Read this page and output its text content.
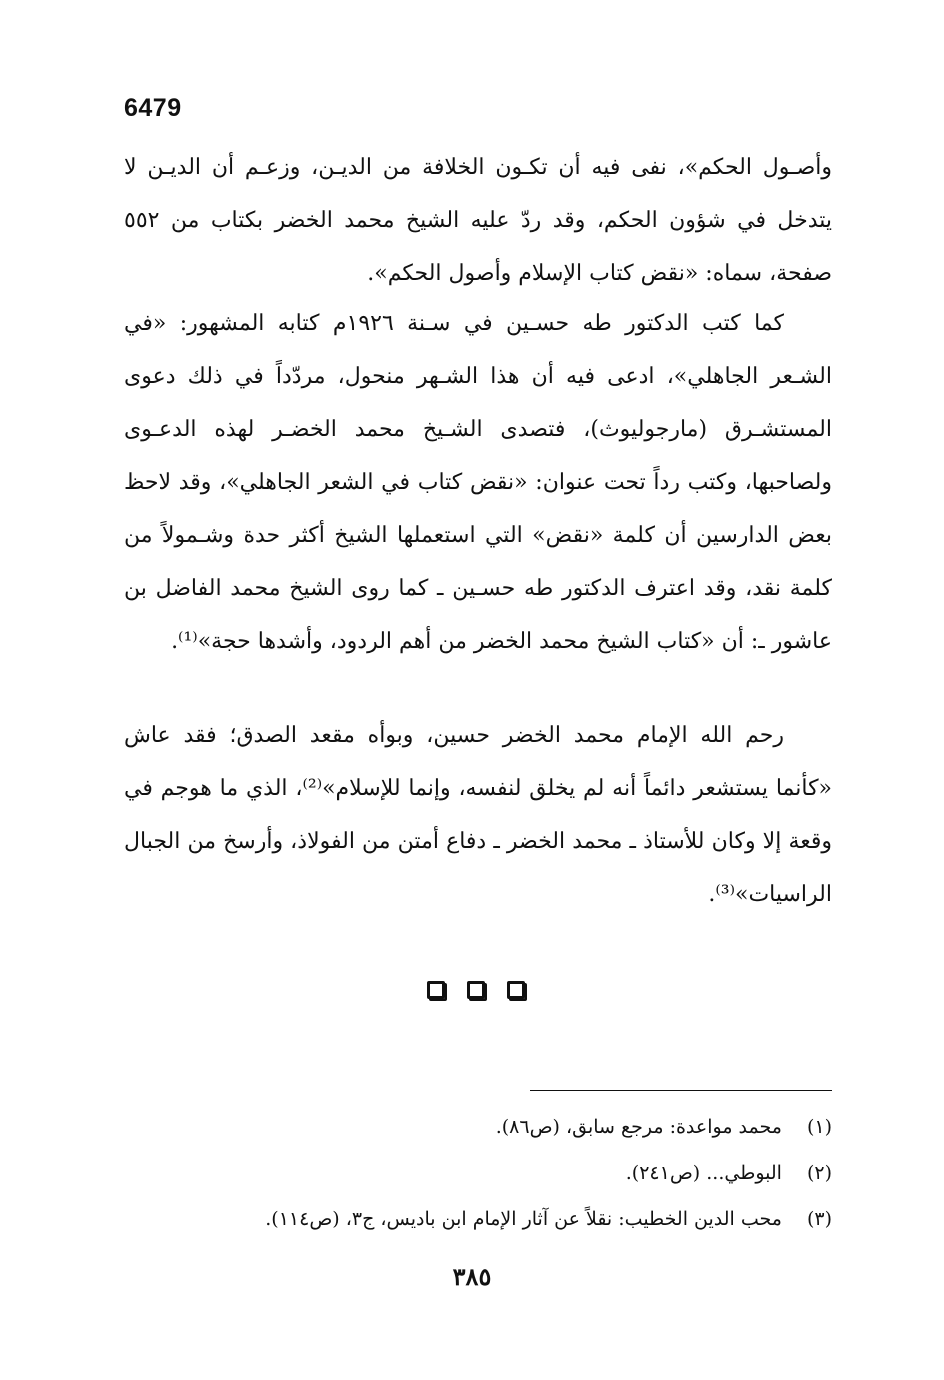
6479

وأصـول الحكم»، نفى فيه أن تكـون الخلافة من الديـن، وزعـم أن الديـن لا يتدخل في شؤون الحكم، وقد ردّ عليه الشيخ محمد الخضر بكتاب من ٥٥٢ صفحة، سماه: «نقض كتاب الإسلام وأصول الحكم».

كما كتب الدكتور طه حسـين في سـنة ١٩٢٦م كتابه المشهور: «في الشـعر الجاهلي»، ادعى فيه أن هذا الشـهر منحول، مردّداً في ذلك دعوى المستشـرق (مارجوليوث)، فتصدى الشـيخ محمد الخضـر لهذه الدعـوى ولصاحبها، وكتب رداً تحت عنوان: «نقض كتاب في الشعر الجاهلي»، وقد لاحظ بعض الدارسين أن كلمة «نقض» التي استعملها الشيخ أكثر حدة وشـمولاً من كلمة نقد، وقد اعترف الدكتور طه حسـين ـ كما روى الشيخ محمد الفاضل بن عاشور ـ: أن «كتاب الشيخ محمد الخضر من أهم الردود، وأشدها حجة»⁽¹⁾.

رحم الله الإمام محمد الخضر حسين، وبوأه مقعد الصدق؛ فقد عاش «كأنما يستشعر دائماً أنه لم يخلق لنفسه، وإنما للإسلام»⁽²⁾، الذي ما هوجم في وقعة إلا وكان للأستاذ ـ محمد الخضر ـ دفاع أمتن من الفولاذ، وأرسخ من الجبال الراسيات»⁽³⁾.

(١) محمد مواعدة: مرجع سابق، (ص٨٦).

(٢) البوطي... (ص٢٤١).

(٣) محب الدين الخطيب: نقلاً عن آثار الإمام ابن باديس، ج٣، (ص١١٤).

٣٨٥
